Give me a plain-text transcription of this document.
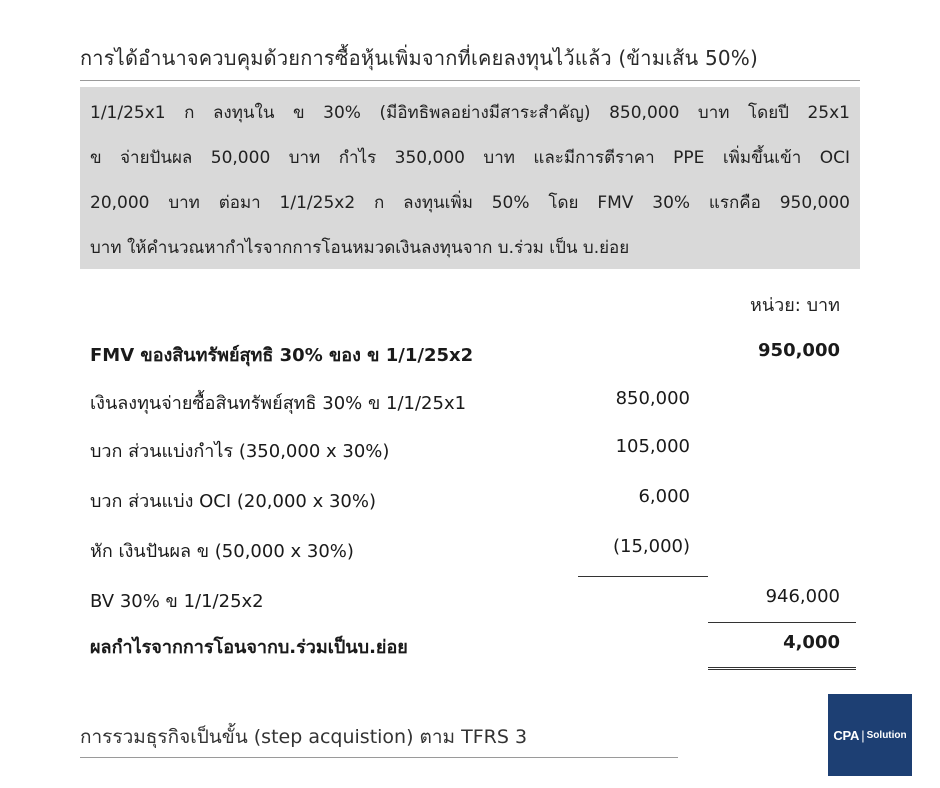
การได้อำนาจควบคุมด้วยการซื้อหุ้นเพิ่มจากที่เคยลงทุนไว้แล้ว (ข้ามเส้น 50%)

1/1/25x1 ก ลงทุนใน ข 30% (มีอิทธิพลอย่างมีสาระสำคัญ) 850,000 บาท โดยปี 25x1

ข จ่ายปันผล 50,000 บาท กำไร 350,000 บาท และมีการตีราคา PPE เพิ่มขึ้นเข้า OCI

20,000 บาท ต่อมา 1/1/25x2 ก ลงทุนเพิ่ม 50% โดย FMV 30% แรกคือ 950,000

บาท ให้คำนวณหากำไรจากการโอนหมวดเงินลงทุนจาก บ.ร่วม เป็น บ.ย่อย

หน่วย: บาท
FMV ของสินทรัพย์สุทธิ 30% ของ ข 1/1/25x2	950,000
เงินลงทุนจ่ายซื้อสินทรัพย์สุทธิ 30% ข 1/1/25x1	850,000
บวก ส่วนแบ่งกำไร (350,000 x 30%)	105,000
บวก ส่วนแบ่ง OCI (20,000 x 30%)	6,000
หัก เงินปันผล ข (50,000 x 30%)	(15,000)
BV 30% ข 1/1/25x2	946,000
ผลกำไรจากการโอนจากบ.ร่วมเป็นบ.ย่อย	4,000
การรวมธุรกิจเป็นขั้น (step acquistion) ตาม TFRS 3	CPA | Solution
